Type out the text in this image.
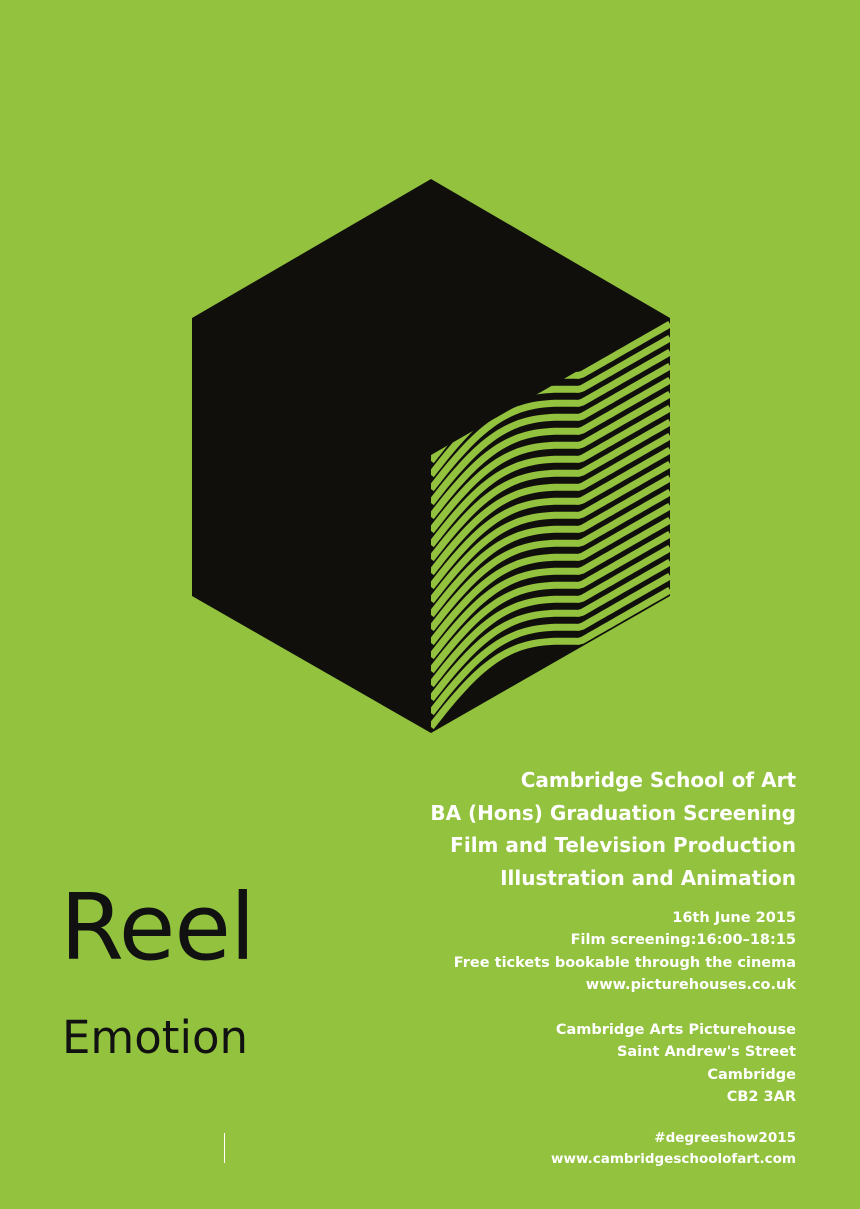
Reel
Emotion
Cambridge School of Art
BA (Hons) Graduation Screening
Film and Television Production
Illustration and Animation
16th June 2015
Film screening:16:00–18:15
Free tickets bookable through the cinema
www.picturehouses.co.uk
Cambridge Arts Picturehouse
Saint Andrew's Street
Cambridge
CB2 3AR
#degreeshow2015
www.cambridgeschoolofart.com
